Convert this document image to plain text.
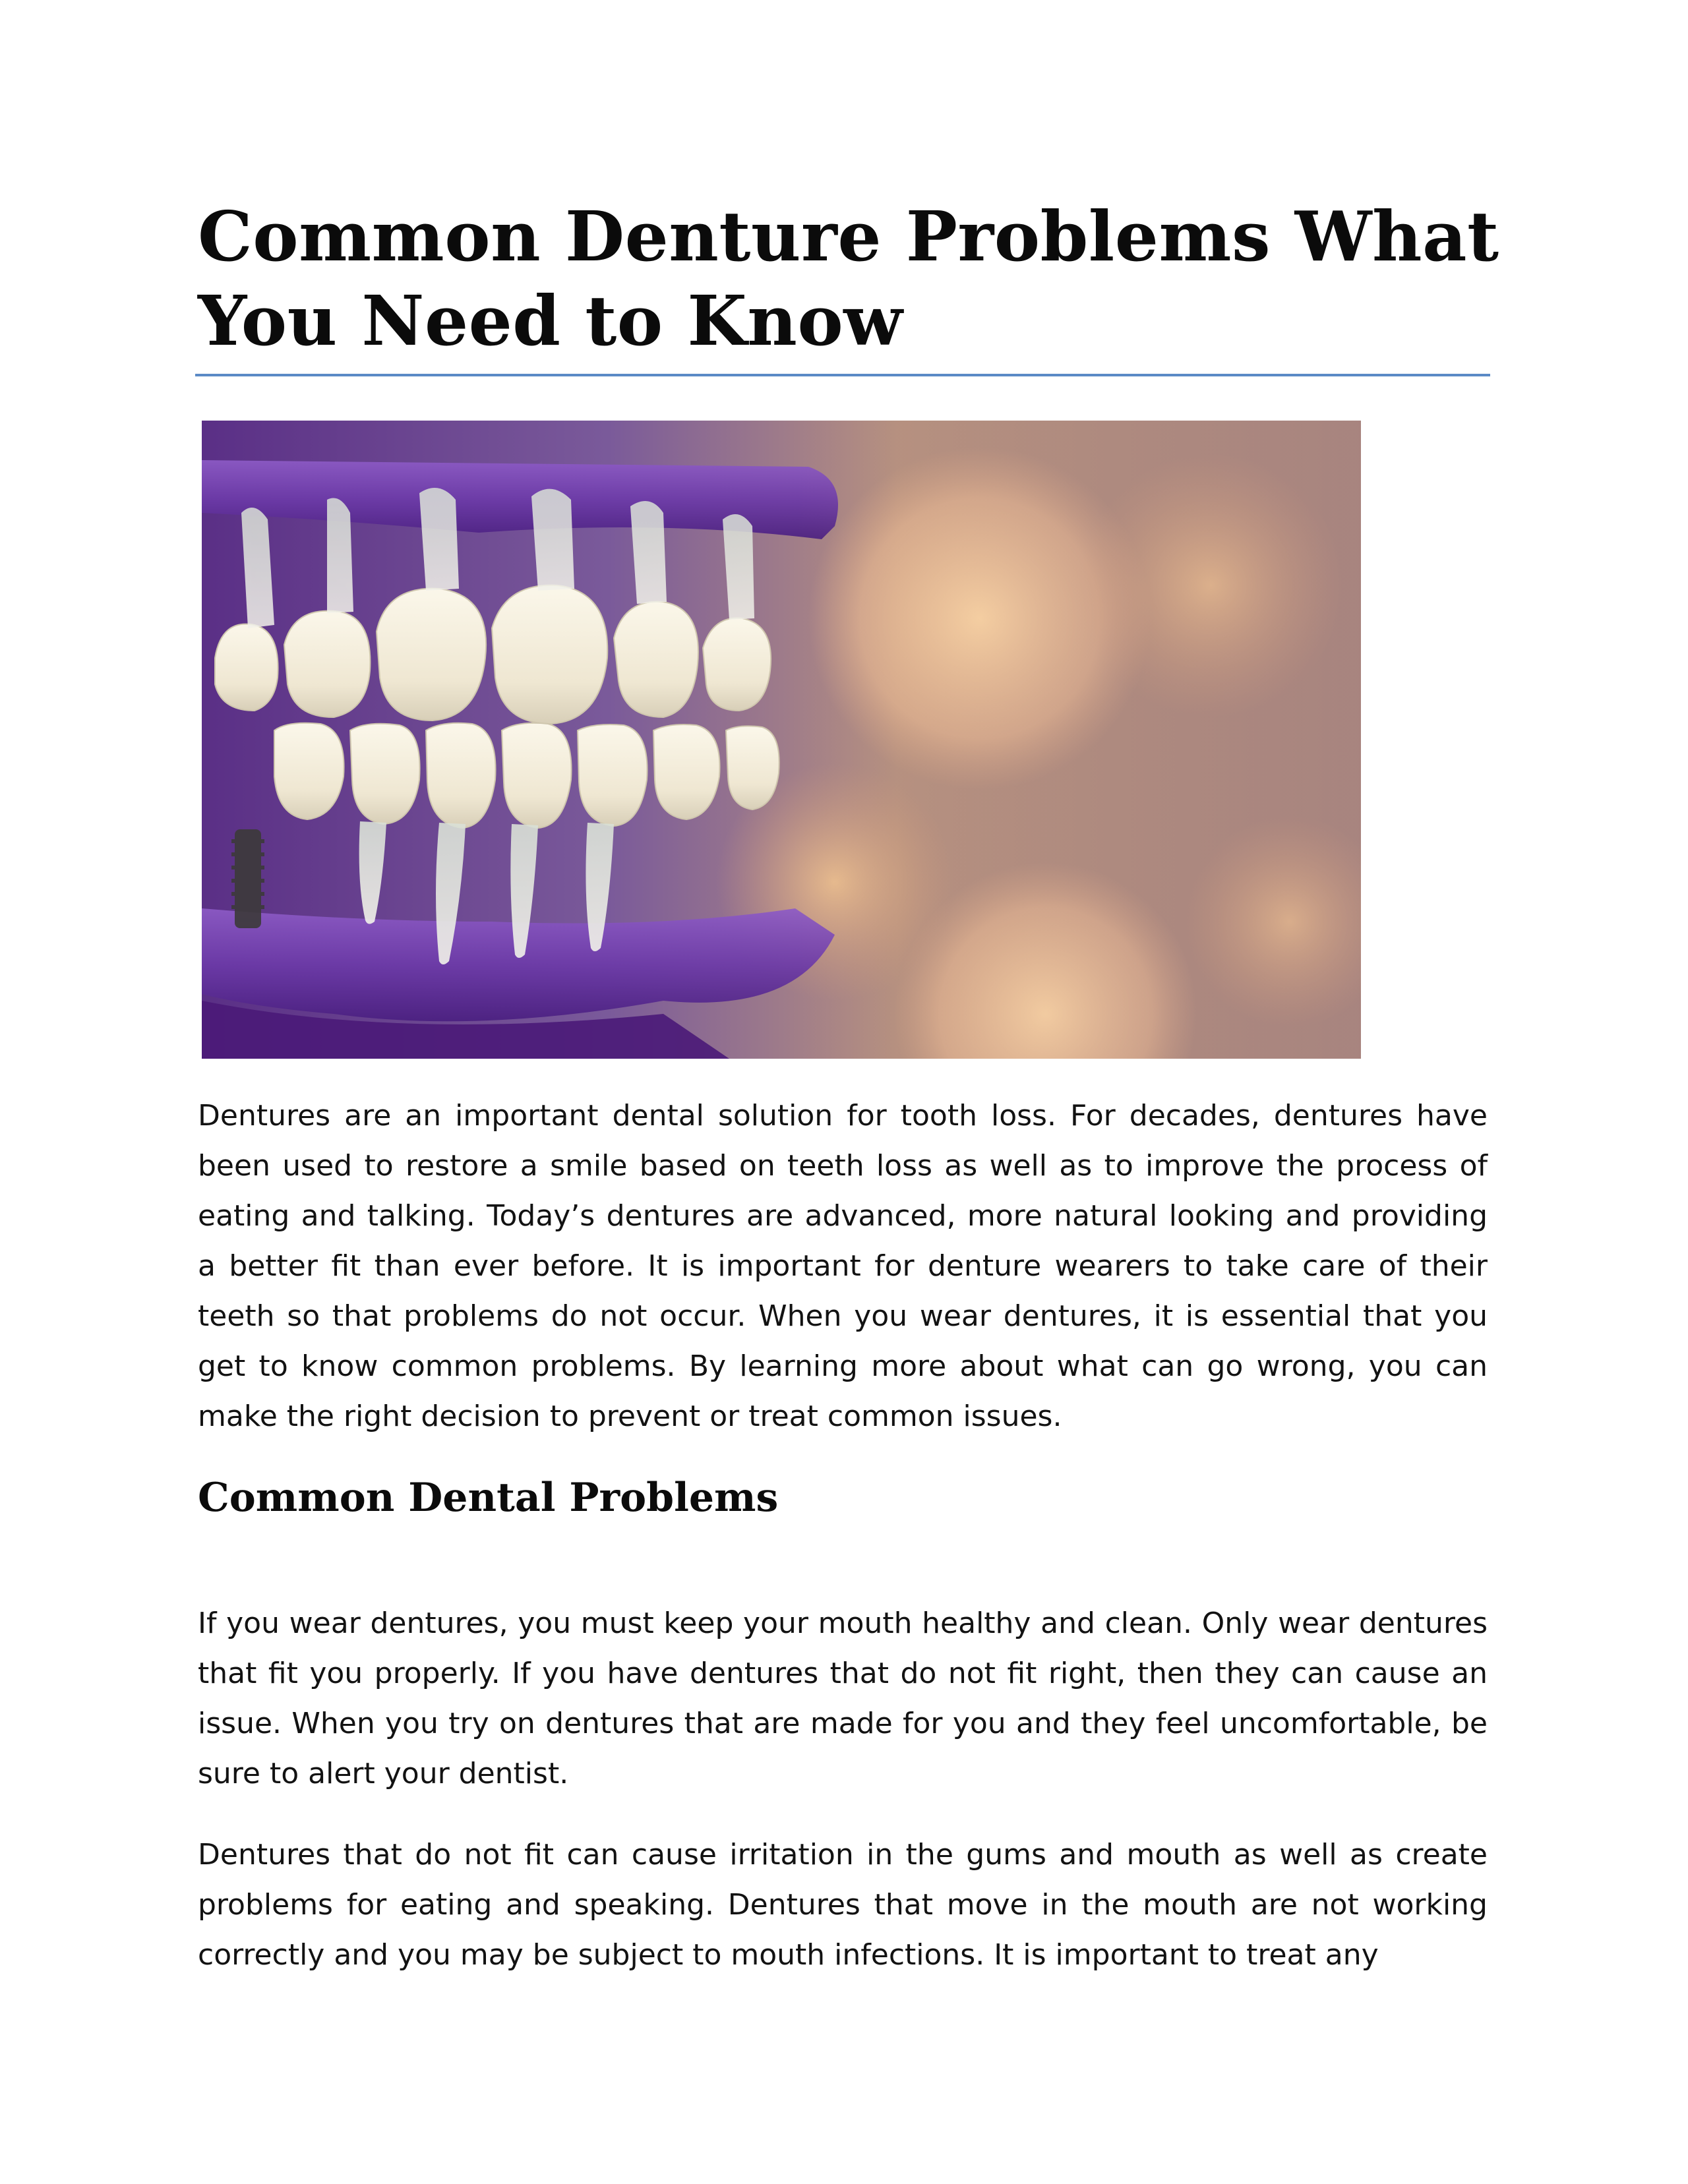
Common Denture Problems What You Need to Know

Dentures are an important dental solution for tooth loss. For decades, dentures have been used to restore a smile based on teeth loss as well as to improve the process of eating and talking. Today’s dentures are advanced, more natural looking and providing a better fit than ever before. It is important for denture wearers to take care of their teeth so that problems do not occur. When you wear dentures, it is essential that you get to know common problems. By learning more about what can go wrong, you can make the right decision to prevent or treat common issues.

Common Dental Problems

If you wear dentures, you must keep your mouth healthy and clean. Only wear dentures that fit you properly. If you have dentures that do not fit right, then they can cause an issue. When you try on dentures that are made for you and they feel uncomfortable, be sure to alert your dentist.

Dentures that do not fit can cause irritation in the gums and mouth as well as create problems for eating and speaking. Dentures that move in the mouth are not working correctly and you may be subject to mouth infections. It is important to treat any
